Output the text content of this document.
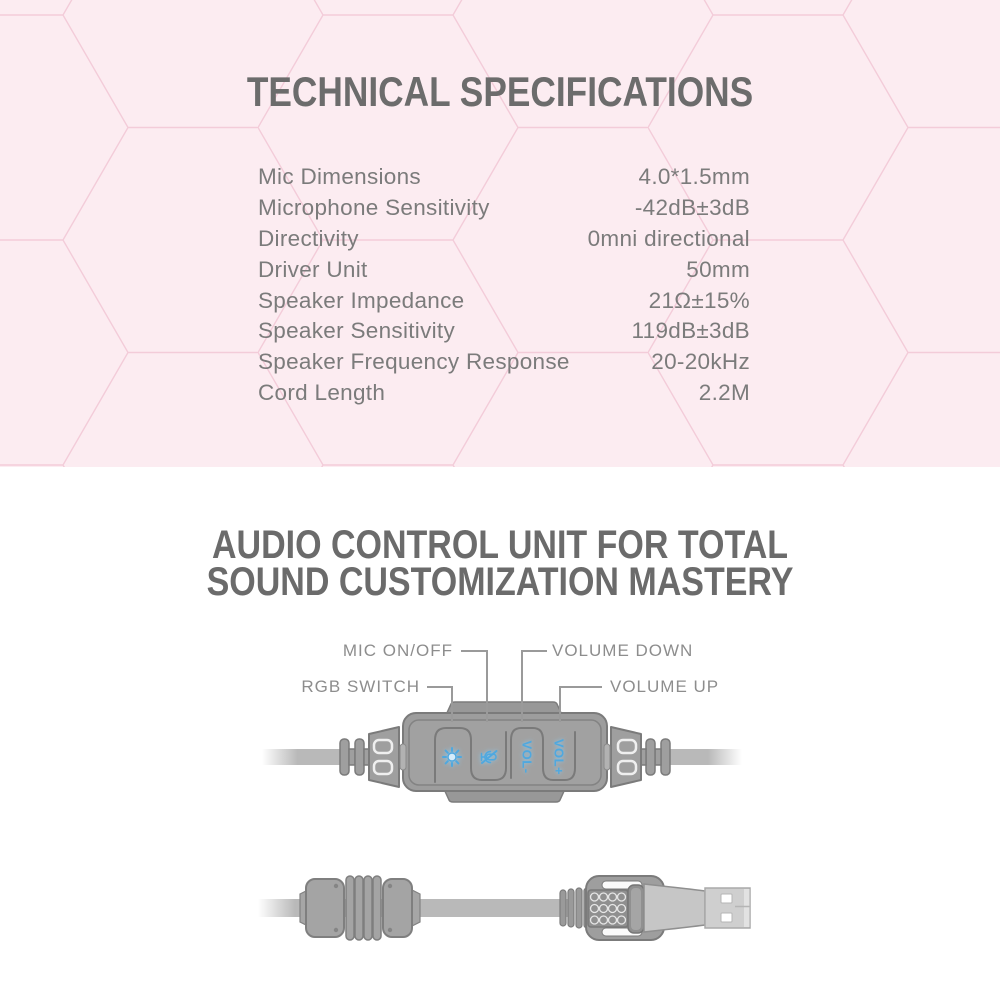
TECHNICAL SPECIFICATIONS
Mic Dimensions	4.0*1.5mm
Microphone Sensitivity	-42dB±3dB
Directivity	0mni directional
Driver Unit	50mm
Speaker Impedance	21Ω±15%
Speaker Sensitivity	119dB±3dB
Speaker Frequency Response	20-20kHz
Cord Length	2.2M
AUDIO CONTROL UNIT FOR TOTAL
SOUND CUSTOMIZATION MASTERY
VOL- VOL+
MIC ON/OFF	VOLUME DOWN
RGB SWITCH	VOLUME UP
